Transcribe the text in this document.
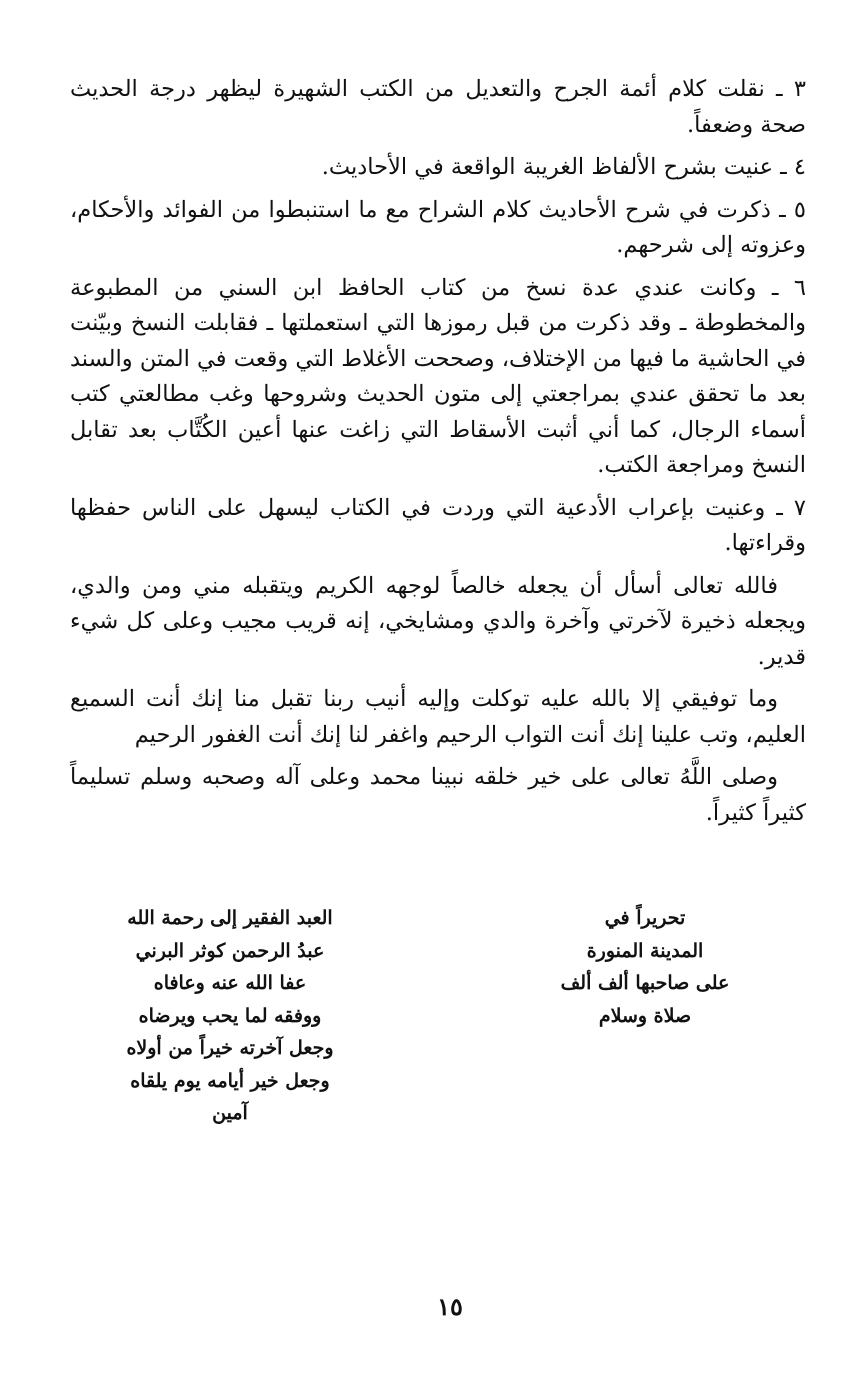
٣ ـ نقلت كلام أئمة الجرح والتعديل من الكتب الشهيرة ليظهر درجة الحديث صحة وضعفاً.

٤ ـ عنيت بشرح الألفاظ الغريبة الواقعة في الأحاديث.

٥ ـ ذكرت في شرح الأحاديث كلام الشراح مع ما استنبطوا من الفوائد والأحكام، وعزوته إلى شرحهم.

٦ ـ وكانت عندي عدة نسخ من كتاب الحافظ ابن السني من المطبوعة والمخطوطة ـ وقد ذكرت من قبل رموزها التي استعملتها ـ فقابلت النسخ وبيّنت في الحاشية ما فيها من الإختلاف، وصححت الأغلاط التي وقعت في المتن والسند بعد ما تحقق عندي بمراجعتي إلى متون الحديث وشروحها وغب مطالعتي كتب أسماء الرجال، كما أني أثبت الأسقاط التي زاغت عنها أعين الكُتَّاب بعد تقابل النسخ ومراجعة الكتب.

٧ ـ وعنيت بإعراب الأدعية التي وردت في الكتاب ليسهل على الناس حفظها وقراءتها.

فالله تعالى أسأل أن يجعله خالصاً لوجهه الكريم ويتقبله مني ومن والدي، ويجعله ذخيرة لآخرتي وآخرة والدي ومشايخي، إنه قريب مجيب وعلى كل شيء قدير.

وما توفيقي إلا بالله عليه توكلت وإليه أنيب ربنا تقبل منا إنك أنت السميع العليم، وتب علينا إنك أنت التواب الرحيم واغفر لنا إنك أنت الغفور الرحيم

وصلى اللَّهُ تعالى على خير خلقه نبينا محمد وعلى آله وصحبه وسلم تسليماً كثيراً كثيراً.

تحريراً في
المدينة المنورة
على صاحبها ألف ألف
صلاة وسلام
العبد الفقير إلى رحمة الله
عبدُ الرحمن كوثر البرني
عفا الله عنه وعافاه
ووفقه لما يحب ويرضاه
وجعل آخرته خيراً من أولاه
وجعل خير أيامه يوم يلقاه
آمين
١٥
